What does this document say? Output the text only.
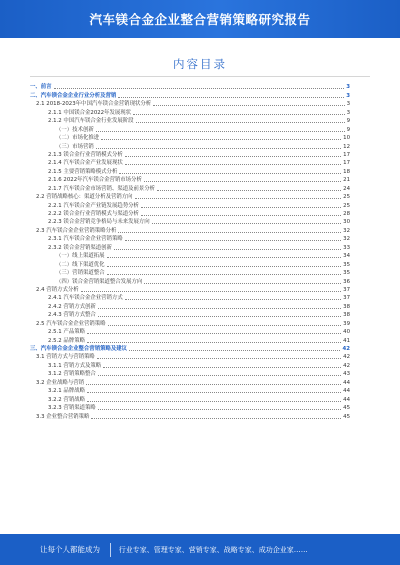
汽车镁合金企业整合营销策略研究报告
内容目录
一、前言	3
二、汽车镁合金企业行业分析及营销	3
2.1 2018-2023年中国汽车镁合金营销现状分析	3
2.1.1 中国镁合金2022年发展现状	3
2.1.2 中国汽车镁合金行业发展阶段	9
（一）技术创新	9
（二）市场化推进	10
（三）市场营销	12
2.1.3 镁合金行业营销模式分析	17
2.1.4 汽车镁合金产业发展现状	17
2.1.5 主要营销策略模式分析	18
2.1.6 2022年汽车镁合金营销市场分析	21
2.1.7 汽车镁合金市场营销、渠道及前景分析	24
2.2 营销战略核心：渠道分析及营销方向	25
2.2.1 汽车镁合金产业链发展趋势分析	25
2.2.2 镁合金行业营销模式与渠道分析	28
2.2.3 镁合金营销竞争格局与未来发展方向	30
2.3 汽车镁合金企业营销策略分析	32
2.3.1 汽车镁合金企业营销策略	32
2.3.2 镁合金营销渠道创新	33
（一）线上渠道拓展	34
（二）线下渠道优化	35
（三）营销渠道整合	35
（四）镁合金营销渠道整合发展方向	36
2.4 营销方式分析	37
2.4.1 汽车镁合金企业营销方式	37
2.4.2 营销方式创新	38
2.4.3 营销方式整合	38
2.5 汽车镁合金企业营销策略	39
2.5.1 产品策略	40
2.5.2 品牌策略	41
三、汽车镁合金企业整合营销策略及建议	42
3.1 营销方式与营销策略	42
3.1.1 营销方式及策略	42
3.1.2 营销策略整合	43
3.2 企业战略与营销	44
3.2.1 品牌战略	44
3.2.2 营销战略	44
3.2.3 营销渠道策略	45
3.3 企业整合营销策略	45
让每个人都能成为	行业专家、管理专家、营销专家、战略专家、成功企业家……
